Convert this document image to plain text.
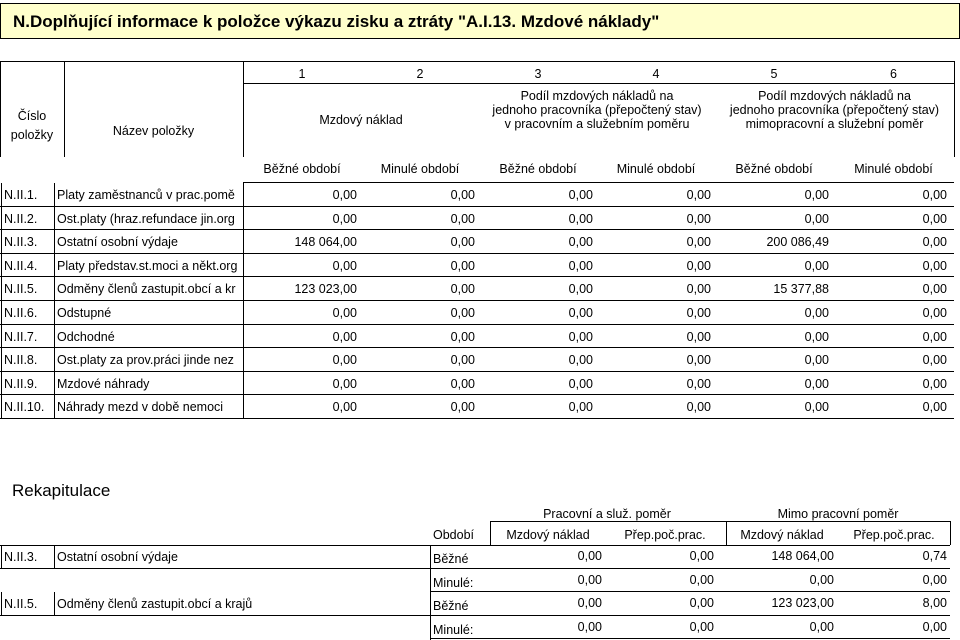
N.Doplňující informace k položce výkazu zisku a ztráty "A.I.13. Mzdové náklady"
1	2	3	4	5	6
Číslo
položky	Název položky
Mzdový náklad
Podíl mzdových nákladů na
jednoho pracovníka (přepočtený stav)
v pracovním a služebním poměru
Podíl mzdových nákladů na
jednoho pracovníka (přepočtený stav)
mimopracovní a služební poměr
Běžné období	Minulé období	Běžné období	Minulé období	Běžné období	Minulé období
N.II.1. Platy zaměstnanců v prac.pomě	0,00	0,00	0,00	0,00	0,00	0,00
N.II.2. Ost.platy (hraz.refundace jin.org	0,00	0,00	0,00	0,00	0,00	0,00
N.II.3. Ostatní osobní výdaje	148 064,00	0,00	0,00	0,00	200 086,49	0,00
N.II.4. Platy představ.st.moci a někt.org	0,00	0,00	0,00	0,00	0,00	0,00
N.II.5. Odměny členů zastupit.obcí a kr	123 023,00	0,00	0,00	0,00	15 377,88	0,00
N.II.6. Odstupné	0,00	0,00	0,00	0,00	0,00	0,00
N.II.7. Odchodné	0,00	0,00	0,00	0,00	0,00	0,00
N.II.8. Ost.platy za prov.práci jinde nez	0,00	0,00	0,00	0,00	0,00	0,00
N.II.9. Mzdové náhrady	0,00	0,00	0,00	0,00	0,00	0,00
N.II.10. Náhrady mezd v době nemoci	0,00	0,00	0,00	0,00	0,00	0,00
Rekapitulace
Pracovní a služ. poměr	Mimo pracovní poměr
Období	Mzdový náklad	Přep.poč.prac.	Mzdový náklad	Přep.poč.prac.
N.II.3. Ostatní osobní výdaje	Běžné	0,00	0,00	148 064,00	0,74
Minulé:	0,00	0,00	0,00	0,00
N.II.5. Odměny členů zastupit.obcí a krajů	Běžné	0,00	0,00	123 023,00	8,00
Minulé:	0,00	0,00	0,00	0,00
